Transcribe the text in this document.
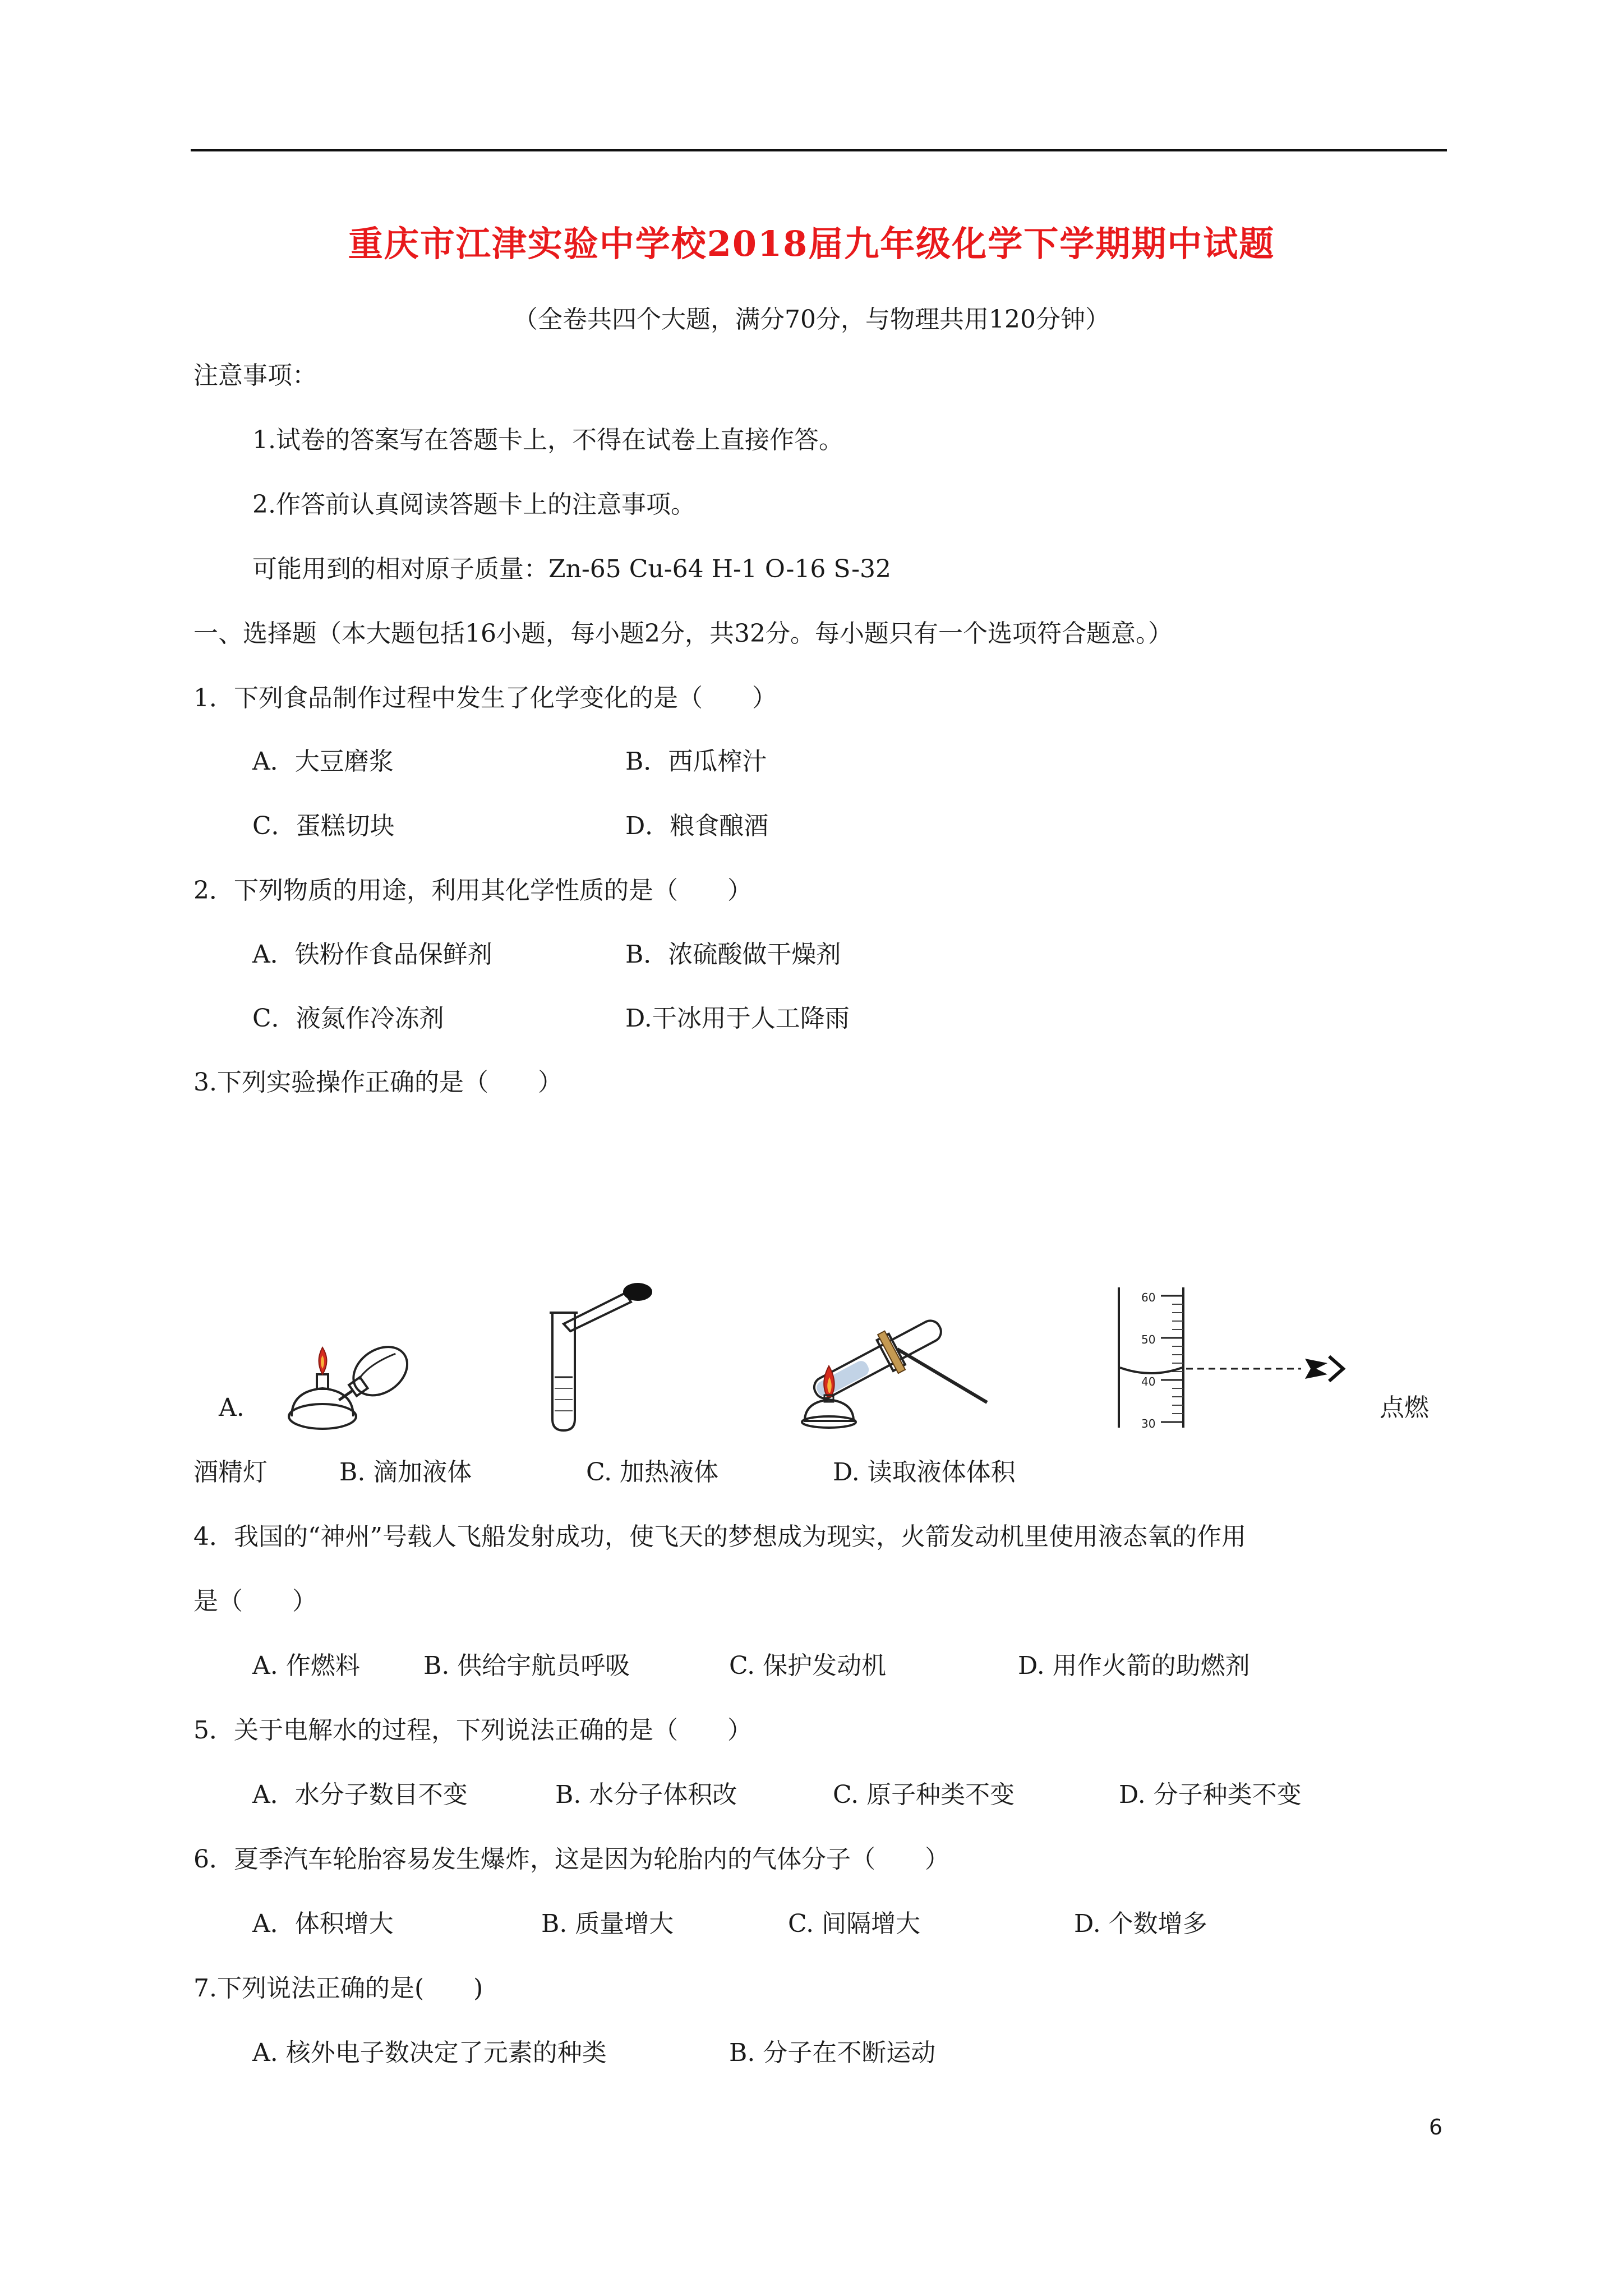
重庆市江津实验中学校2018届九年级化学下学期期中试题
（全卷共四个大题，满分70分，与物理共用120分钟）
注意事项：
1.试卷的答案写在答题卡上，不得在试卷上直接作答。
2.作答前认真阅读答题卡上的注意事项。
可能用到的相对原子质量：Zn-65 Cu-64 H-1 O-16 S-32
一、选择题（本大题包括16小题，每小题2分，共32分。每小题只有一个选项符合题意。）
1．下列食品制作过程中发生了化学变化的是（　　）
A．大豆磨浆	B．西瓜榨汁
C．蛋糕切块	D．粮食酿酒
2．下列物质的用途，利用其化学性质的是（　　）
A．铁粉作食品保鲜剂	B．浓硫酸做干燥剂
C．液氮作冷冻剂	D.干冰用于人工降雨
3.下列实验操作正确的是（　　）
A.
60
50
40
30
点燃
酒精灯	B. 滴加液体	C. 加热液体	D. 读取液体体积
4．我国的“神州”号载人飞船发射成功，使飞天的梦想成为现实，火箭发动机里使用液态氧的作用
是（　　）
A. 作燃料	B. 供给宇航员呼吸	C. 保护发动机	D. 用作火箭的助燃剂
5．关于电解水的过程，下列说法正确的是（　　）
A．水分子数目不变	B. 水分子体积改	C. 原子种类不变	D. 分子种类不变
6．夏季汽车轮胎容易发生爆炸，这是因为轮胎内的气体分子（　　）
A．体积增大	B. 质量增大	C. 间隔增大	D. 个数增多
7.下列说法正确的是(　　)
A. 核外电子数决定了元素的种类	B. 分子在不断运动
6
